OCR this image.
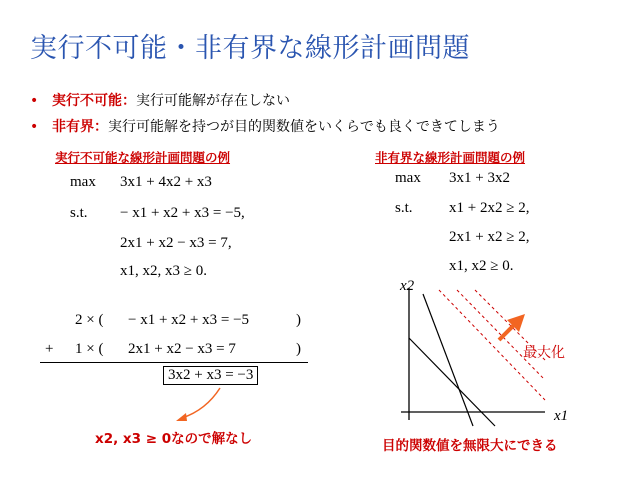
実行不可能・非有界な線形計画問題
• 実行不可能：実行可能解が存在しない
• 非有界：実行可能解を持つが目的関数値をいくらでも良くできてしまう
実行不可能な線形計画問題の例
max 3x1 + 4x2 + x3
s.t. − x1 + x2 + x3 = −5,
2x1 + x2 − x3 = 7,
x1, x2, x3 ≥ 0.
2 × ( − x1 + x2 + x3 = −5	)
+ 1 × ( 2x1 + x2 − x3 = 7	)
3x2 + x3 = −3
x2, x3 ≥ 0なので解なし
非有界な線形計画問題の例
max 3x1 + 3x2
s.t. x1 + 2x2 ≥ 2,
2x1 + x2 ≥ 2,
x1, x2 ≥ 0.
x2
x1
最大化
目的関数値を無限大にできる
